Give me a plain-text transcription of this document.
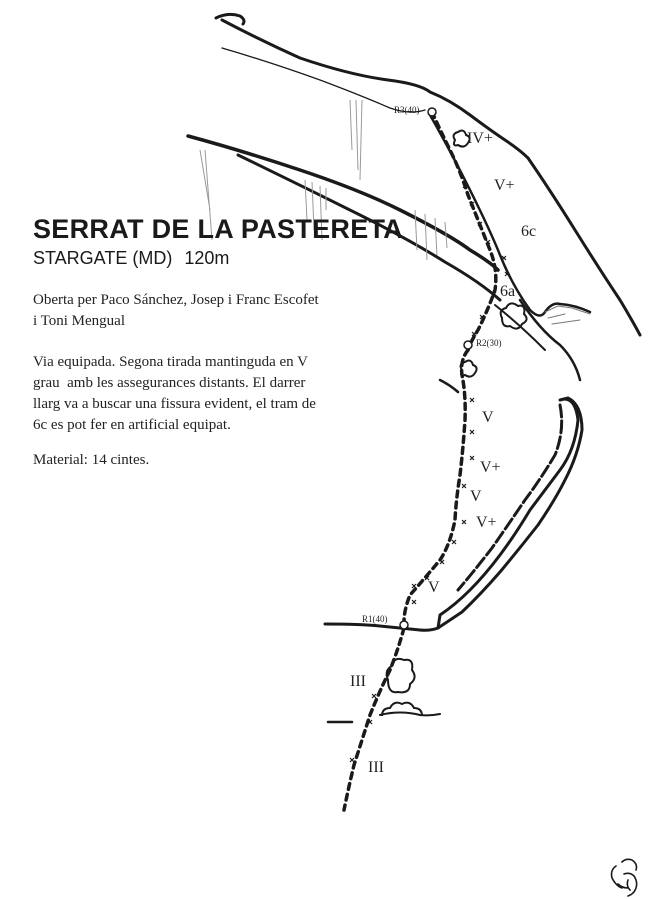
R3(40)
R2(30)
R1(40)
IV+
V+
6c
6a
V
V+
V
V+
V
III
III
SERRAT DE LA PASTERETA
STARGATE (MD) 120m
Oberta per Paco Sánchez, Josep i Franc Escofet
i Toni Mengual
Via equipada. Segona tirada mantinguda en V
grau  amb les assegurances distants. El darrer
llarg va a buscar una fissura evident, el tram de
6c es pot fer en artificial equipat.
Material: 14 cintes.
